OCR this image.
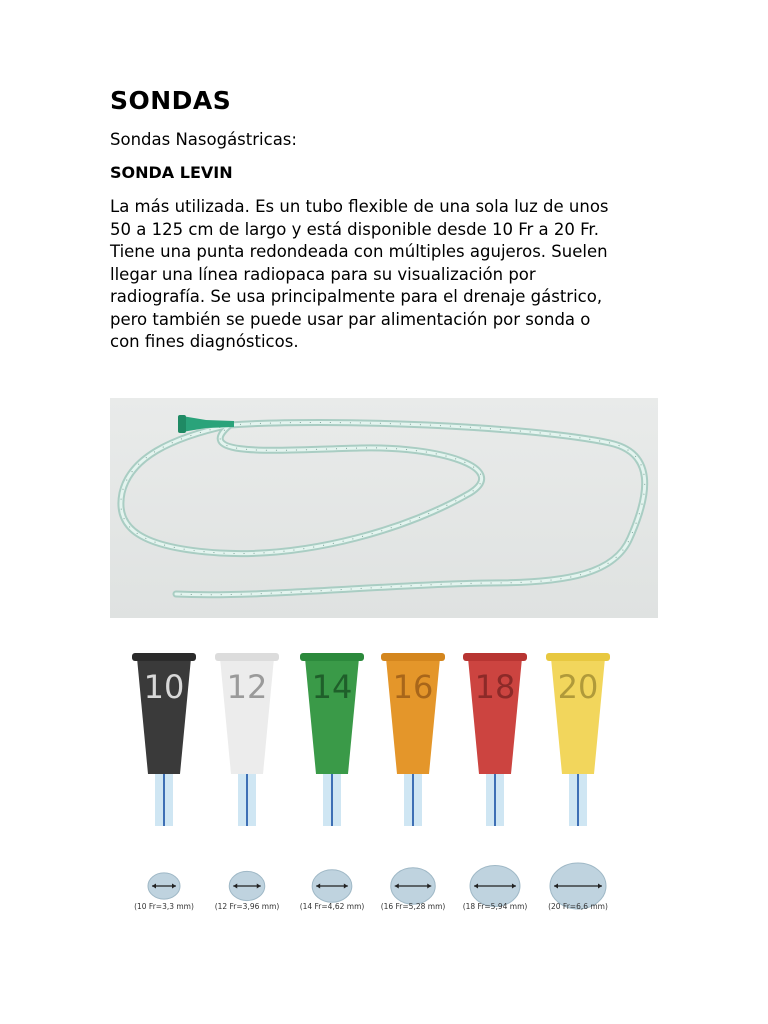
SONDAS

Sondas Nasogástricas:

SONDA LEVIN

La más utilizada. Es un tubo flexible de una sola luz de unos
50 a 125 cm de largo y está disponible desde 10 Fr a 20 Fr.
Tiene una punta redondeada con múltiples agujeros. Suelen
llegar una línea radiopaca para su visualización por
radiografía. Se usa principalmente para el drenaje gástrico,
pero también se puede usar par alimentación por sonda o
con fines diagnósticos.

10
(10 Fr=3,3 mm)
12
(12 Fr=3,96 mm)
14
(14 Fr=4,62 mm)
16
(16 Fr=5,28 mm)
18
(18 Fr=5,94 mm)
20
(20 Fr=6,6 mm)
